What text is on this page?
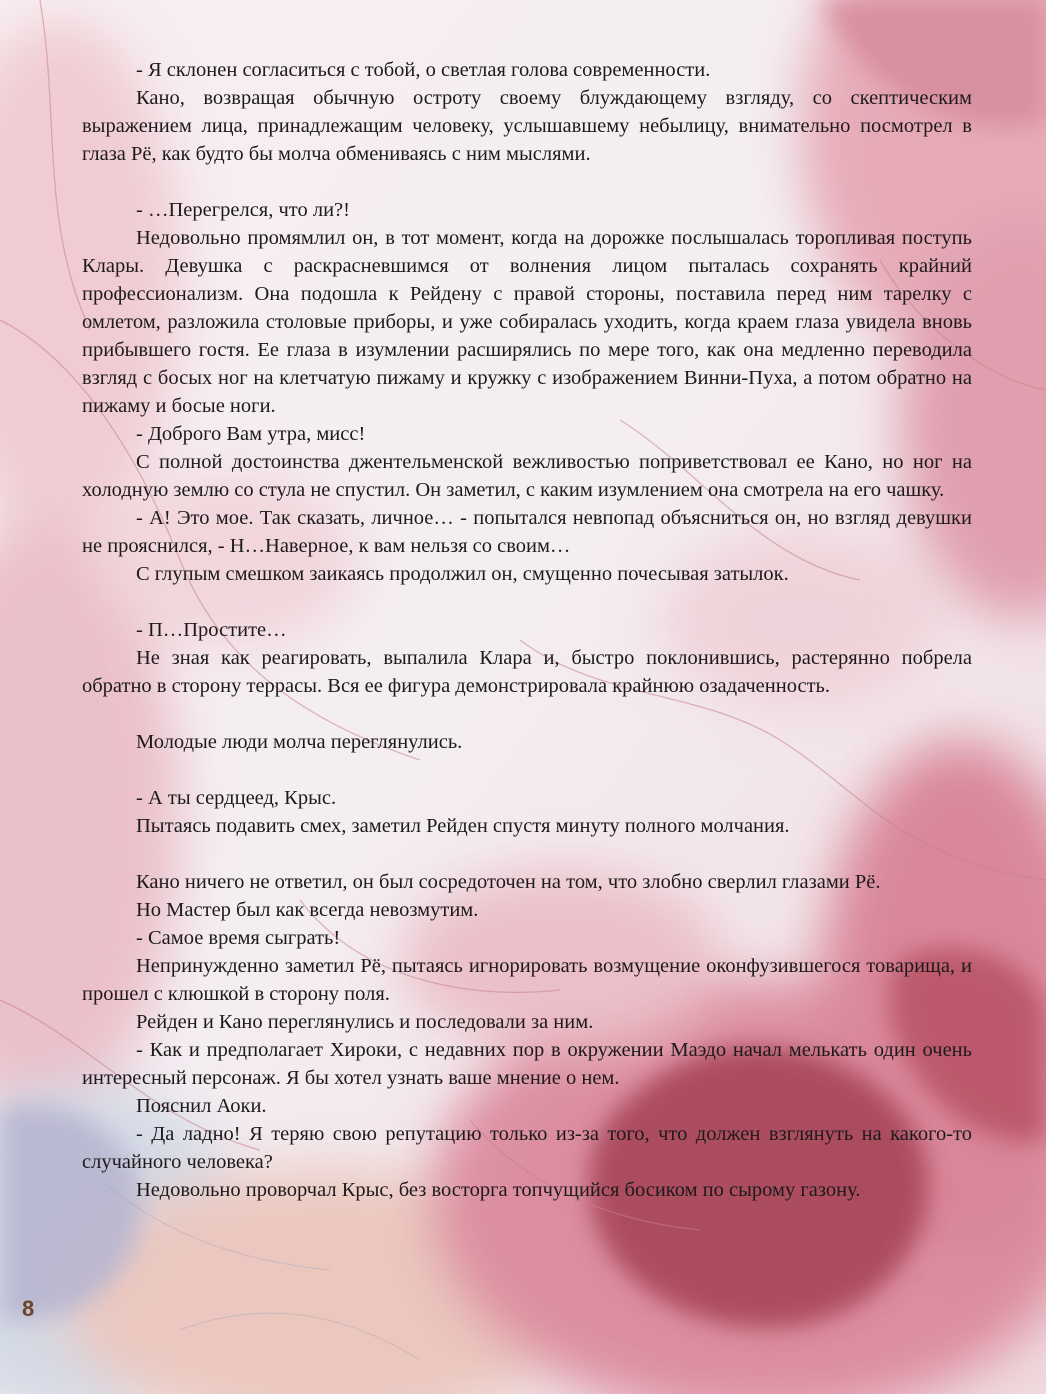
- Я склонен согласиться с тобой, о светлая голова современности.

Кано, возвращая обычную остроту своему блуждающему взгляду, со скептическим выражением лица, принадлежащим человеку, услышавшему небылицу, внимательно посмотрел в глаза Рё, как будто бы молча обмениваясь с ним мыслями.

- …Перегрелся, что ли?!

Недовольно промямлил он, в тот момент, когда на дорожке послышалась торопливая поступь Клары. Девушка с раскрасневшимся от волнения лицом пыталась сохранять крайний профессионализм. Она подошла к Рейдену с правой стороны, поставила перед ним тарелку с омлетом, разложила столовые приборы, и уже собиралась уходить, когда краем глаза увидела вновь прибывшего гостя. Ее глаза в изумлении расширялись по мере того, как она медленно переводила взгляд с босых ног на клетчатую пижаму и кружку с изображением Винни-Пуха, а потом обратно на пижаму и босые ноги.

- Доброго Вам утра, мисс!

С полной достоинства джентельменской вежливостью поприветствовал ее Кано, но ног на холодную землю со стула не спустил. Он заметил, с каким изумлением она смотрела на его чашку.

- А! Это мое. Так сказать, личное… - попытался невпопад объясниться он, но взгляд девушки не прояснился, - Н…Наверное, к вам нельзя со своим…

С глупым смешком заикаясь продолжил он, смущенно почесывая затылок.

- П…Простите…

Не зная как реагировать, выпалила Клара и, быстро поклонившись, растерянно побрела обратно в сторону террасы. Вся ее фигура демонстрировала крайнюю озадаченность.

Молодые люди молча переглянулись.

- А ты сердцеед, Крыс.

Пытаясь подавить смех, заметил Рейден спустя минуту полного молчания.

Кано ничего не ответил, он был сосредоточен на том, что злобно сверлил глазами Рё.

Но Мастер был как всегда невозмутим.

- Самое время сыграть!

Непринужденно заметил Рё, пытаясь игнорировать возмущение оконфузившегося товарища, и прошел с клюшкой в сторону поля.

Рейден и Кано переглянулись и последовали за ним.

- Как и предполагает Хироки, с недавних пор в окружении Маэдо начал мелькать один очень интересный персонаж. Я бы хотел узнать ваше мнение о нем.

Пояснил Аоки.

- Да ладно! Я теряю свою репутацию только из-за того, что должен взглянуть на какого-то случайного человека?

Недовольно проворчал Крыс, без восторга топчущийся босиком по сырому газону.

8
